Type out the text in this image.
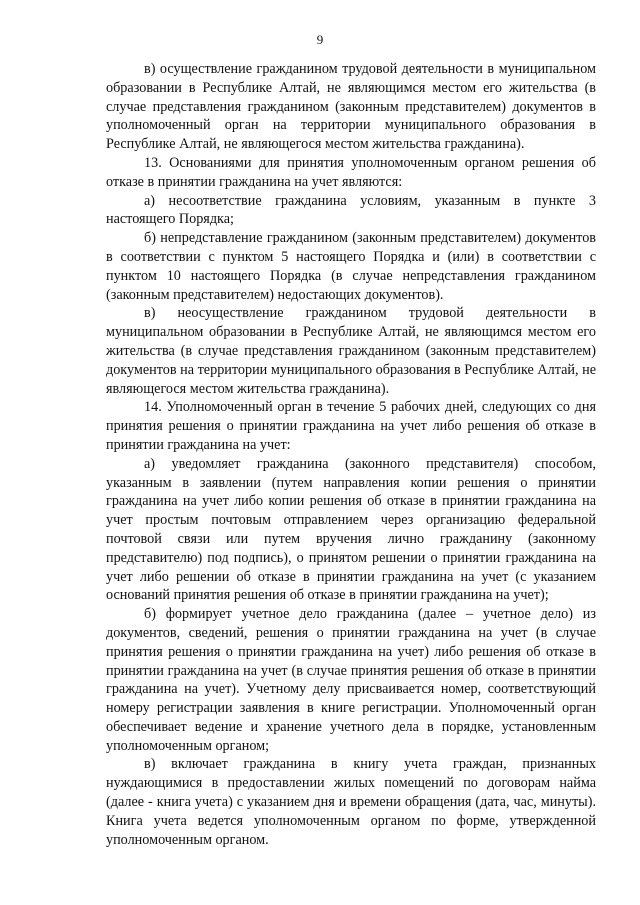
9

в) осуществление гражданином трудовой деятельности в муниципальном образовании в Республике Алтай, не являющимся местом его жительства (в случае представления гражданином (законным представителем) документов в уполномоченный орган на территории муниципального образования в Республике Алтай, не являющегося местом жительства гражданина).

13. Основаниями для принятия уполномоченным органом решения об отказе в принятии гражданина на учет являются:

а) несоответствие гражданина условиям, указанным в пункте 3 настоящего Порядка;

б) непредставление гражданином (законным представителем) документов в соответствии с пунктом 5 настоящего Порядка и (или) в соответствии с пунктом 10 настоящего Порядка (в случае непредставления гражданином (законным представителем) недостающих документов).

в) неосуществление гражданином трудовой деятельности в муниципальном образовании в Республике Алтай, не являющимся местом его жительства (в случае представления гражданином (законным представителем) документов на территории муниципального образования в Республике Алтай, не являющегося местом жительства гражданина).

14. Уполномоченный орган в течение 5 рабочих дней, следующих со дня принятия решения о принятии гражданина на учет либо решения об отказе в принятии гражданина на учет:

а) уведомляет гражданина (законного представителя) способом, указанным в заявлении (путем направления копии решения о принятии гражданина на учет либо копии решения об отказе в принятии гражданина на учет простым почтовым отправлением через организацию федеральной почтовой связи или путем вручения лично гражданину (законному представителю) под подпись), о принятом решении о принятии гражданина на учет либо решении об отказе в принятии гражданина на учет (с указанием оснований принятия решения об отказе в принятии гражданина на учет);

б) формирует учетное дело гражданина (далее – учетное дело) из документов, сведений, решения о принятии гражданина на учет (в случае принятия решения о принятии гражданина на учет) либо решения об отказе в принятии гражданина на учет (в случае принятия решения об отказе в принятии гражданина на учет). Учетному делу присваивается номер, соответствующий номеру регистрации заявления в книге регистрации. Уполномоченный орган обеспечивает ведение и хранение учетного дела в порядке, установленным уполномоченным органом;

в) включает гражданина в книгу учета граждан, признанных нуждающимися в предоставлении жилых помещений по договорам найма (далее - книга учета) с указанием дня и времени обращения (дата, час, минуты). Книга учета ведется уполномоченным органом по форме, утвержденной уполномоченным органом.
